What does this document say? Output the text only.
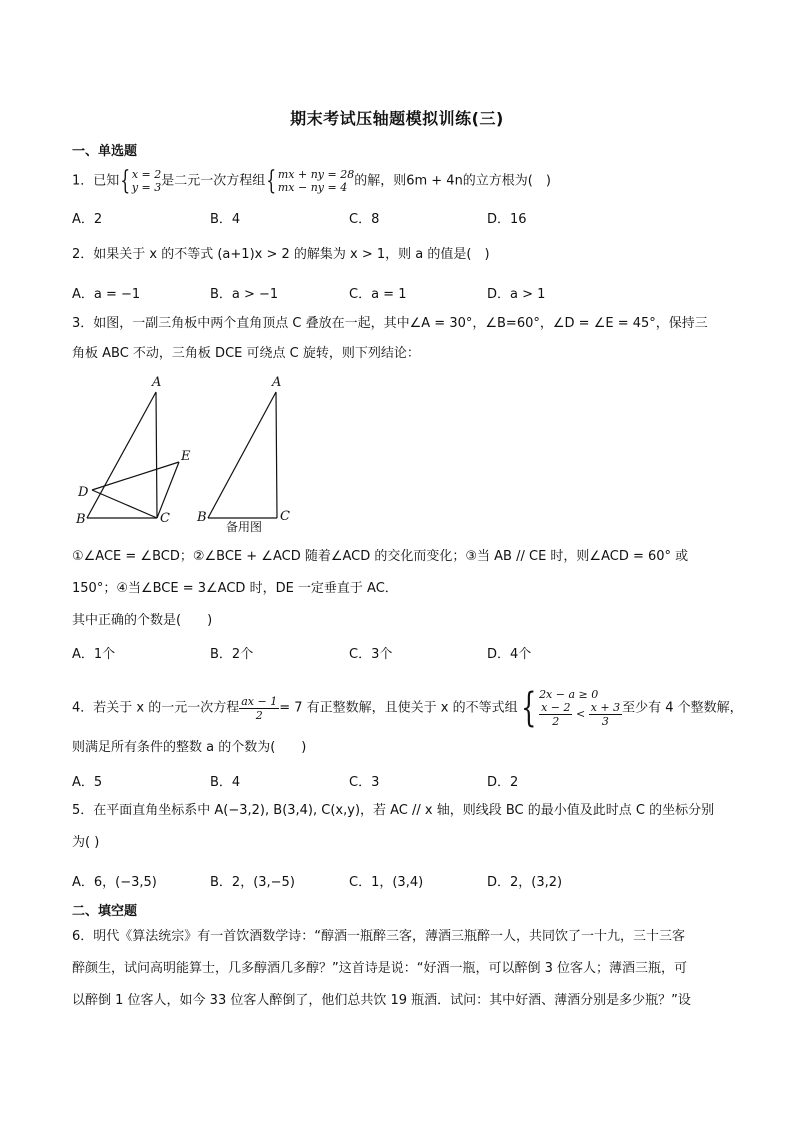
期末考试压轴题模拟训练(三)
一、单选题
1．已知{ x = 2
y = 3 是二元一次方程组{ mx + ny = 28
mx − ny = 4 的解，则6m + 4n的立方根为(　)
A．2	B．4	C．8	D．16
2．如果关于 x 的不等式 (a+1)x > 2 的解集为 x > 1，则 a 的值是(　)
A．a = −1	B．a > −1	C．a = 1	D．a > 1
3．如图，一副三角板中两个直角顶点 C 叠放在一起，其中∠A = 30°，∠B=60°，∠D = ∠E = 45°，保持三
角板 ABC 不动，三角板 DCE 可绕点 C 旋转，则下列结论：
A
B	C
D
E
A
B	C
备用图
①∠ACE = ∠BCD；②∠BCE + ∠ACD 随着∠ACD 的交化而变化；③当 AB // CE 时，则∠ACD = 60° 或
150°；④当∠BCE = 3∠ACD 时，DE 一定垂直于 AC．
其中正确的个数是(　　)
A．1个	B．2个	C．3个	D．4个
4．若关于 x 的一元一次方程 $\frac{ax - 1}{2} = 7$ 有正整数解，且使关于 x 的不等式组{ 2x − a ≥ 0
$\frac{x - 2}{2} < \frac{x + 3}{3}$ 至少有 4 个整数解，
则满足所有条件的整数 a 的个数为(　　)
A．5	B．4	C．3	D．2
5．在平面直角坐标系中 A(−3,2), B(3,4), C(x,y)，若 AC // x 轴，则线段 BC 的最小值及此时点 C 的坐标分别
为( )
A．6，(−3,5)	B．2，(3,−5)	C．1，(3,4)	D．2，(3,2)
二、填空题
6．明代《算法统宗》有一首饮酒数学诗：“醇酒一瓶醉三客，薄酒三瓶醉一人，共同饮了一十九，三十三客
醉颜生，试问高明能算士，几多醇酒几多醇？”这首诗是说：“好酒一瓶，可以醉倒 3 位客人；薄酒三瓶，可
以醉倒 1 位客人，如今 33 位客人醉倒了，他们总共饮 19 瓶酒．试问：其中好酒、薄酒分别是多少瓶？”设
